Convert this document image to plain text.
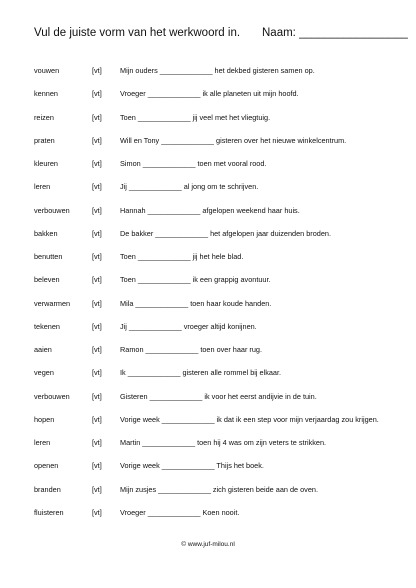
Vul de juiste vorm van het werkwoord in. Naam: _________________
vouwen	[vt]	Mijn ouders _____________ het dekbed gisteren samen op.
kennen	[vt]	Vroeger _____________ ik alle planeten uit mijn hoofd.
reizen	[vt]	Toen _____________ jij veel met het vliegtuig.
praten	[vt]	Will en Tony _____________ gisteren over het nieuwe winkelcentrum.
kleuren	[vt]	Simon _____________ toen met vooral rood.
leren	[vt]	Jij _____________ al jong om te schrijven.
verbouwen	[vt]	Hannah _____________ afgelopen weekend haar huis.
bakken	[vt]	De bakker _____________ het afgelopen jaar duizenden broden.
benutten	[vt]	Toen _____________ jij het hele blad.
beleven	[vt]	Toen _____________ ik een grappig avontuur.
verwarmen	[vt]	Mila _____________ toen haar koude handen.
tekenen	[vt]	Jij _____________ vroeger altijd konijnen.
aaien	[vt]	Ramon _____________ toen over haar rug.
vegen	[vt]	Ik _____________ gisteren alle rommel bij elkaar.
verbouwen	[vt]	Gisteren _____________ ik voor het eerst andijvie in de tuin.
hopen	[vt]	Vorige week _____________ ik dat ik een step voor mijn verjaardag zou krijgen.
leren	[vt]	Martin _____________ toen hij 4 was om zijn veters te strikken.
openen	[vt]	Vorige week _____________ Thijs het boek.
branden	[vt]	Mijn zusjes _____________ zich gisteren beide aan de oven.
fluisteren	[vt]	Vroeger _____________ Koen nooit.
© www.juf-milou.nl
